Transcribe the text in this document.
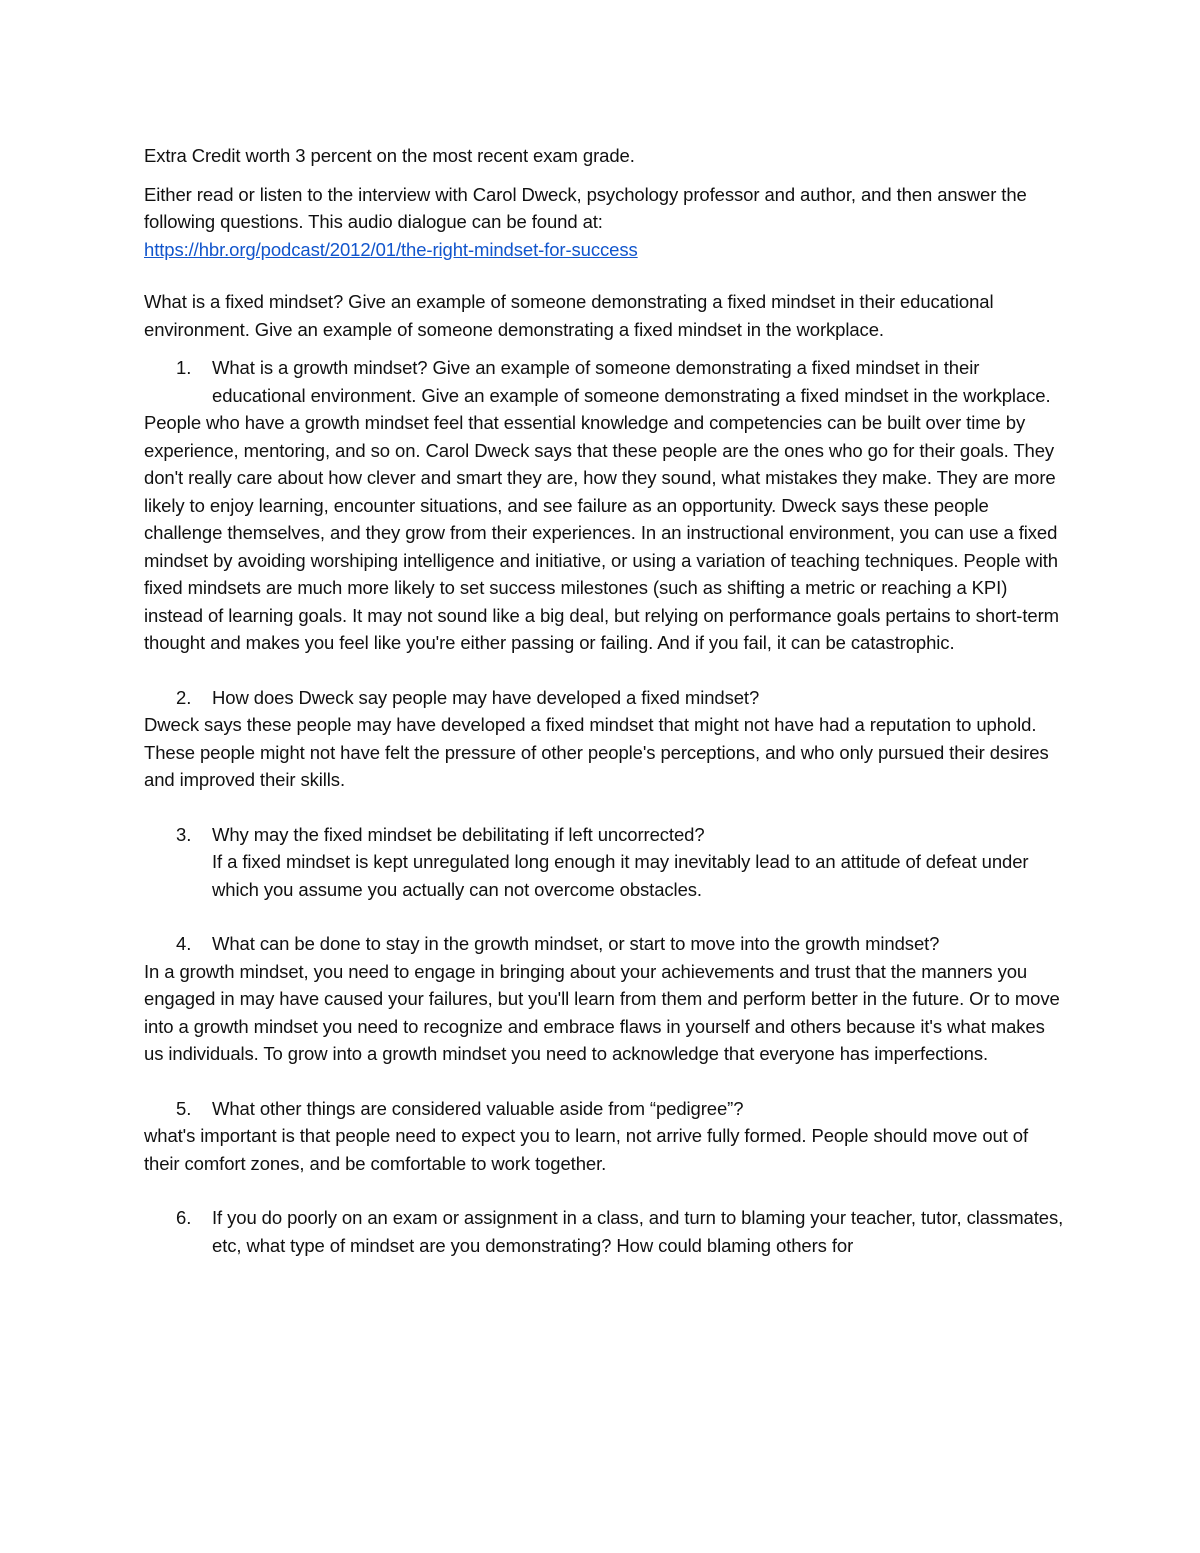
Extra Credit worth 3 percent on the most recent exam grade.

Either read or listen to the interview with Carol Dweck, psychology professor and author, and then answer the following questions. This audio dialogue can be found at:

https://hbr.org/podcast/2012/01/the-right-mindset-for-success

What is a fixed mindset? Give an example of someone demonstrating a fixed mindset in their educational environment. Give an example of someone demonstrating a fixed mindset in the workplace.

1. What is a growth mindset? Give an example of someone demonstrating a fixed mindset in their educational environment. Give an example of someone demonstrating a fixed mindset in the workplace.

People who have a growth mindset feel that essential knowledge and competencies can be built over time by experience, mentoring, and so on. Carol Dweck says that these people are the ones who go for their goals. They don't really care about how clever and smart they are, how they sound, what mistakes they make. They are more likely to enjoy learning, encounter situations, and see failure as an opportunity. Dweck says these people challenge themselves, and they grow from their experiences. In an instructional environment, you can use a fixed mindset by avoiding worshiping intelligence and initiative, or using a variation of teaching techniques. People with fixed mindsets are much more likely to set success milestones (such as shifting a metric or reaching a KPI) instead of learning goals. It may not sound like a big deal, but relying on performance goals pertains to short-term thought and makes you feel like you're either passing or failing. And if you fail, it can be catastrophic.

2. How does Dweck say people may have developed a fixed mindset?

Dweck says these people may have developed a fixed mindset that might not have had a reputation to uphold. These people might not have felt the pressure of other people's perceptions, and who only pursued their desires and improved their skills.

3. Why may the fixed mindset be debilitating if left uncorrected?

If a fixed mindset is kept unregulated long enough it may inevitably lead to an attitude of defeat under which you assume you actually can not overcome obstacles.

4. What can be done to stay in the growth mindset, or start to move into the growth mindset?

In a growth mindset, you need to engage in bringing about your achievements and trust that the manners you engaged in may have caused your failures, but you'll learn from them and perform better in the future. Or to move into a growth mindset you need to recognize and embrace flaws in yourself and others because it's what makes us individuals. To grow into a growth mindset you need to acknowledge that everyone has imperfections.

5. What other things are considered valuable aside from “pedigree”?

what's important is that people need to expect you to learn, not arrive fully formed. People should move out of their comfort zones, and be comfortable to work together.

6. If you do poorly on an exam or assignment in a class, and turn to blaming your teacher, tutor, classmates, etc, what type of mindset are you demonstrating? How could blaming others for
